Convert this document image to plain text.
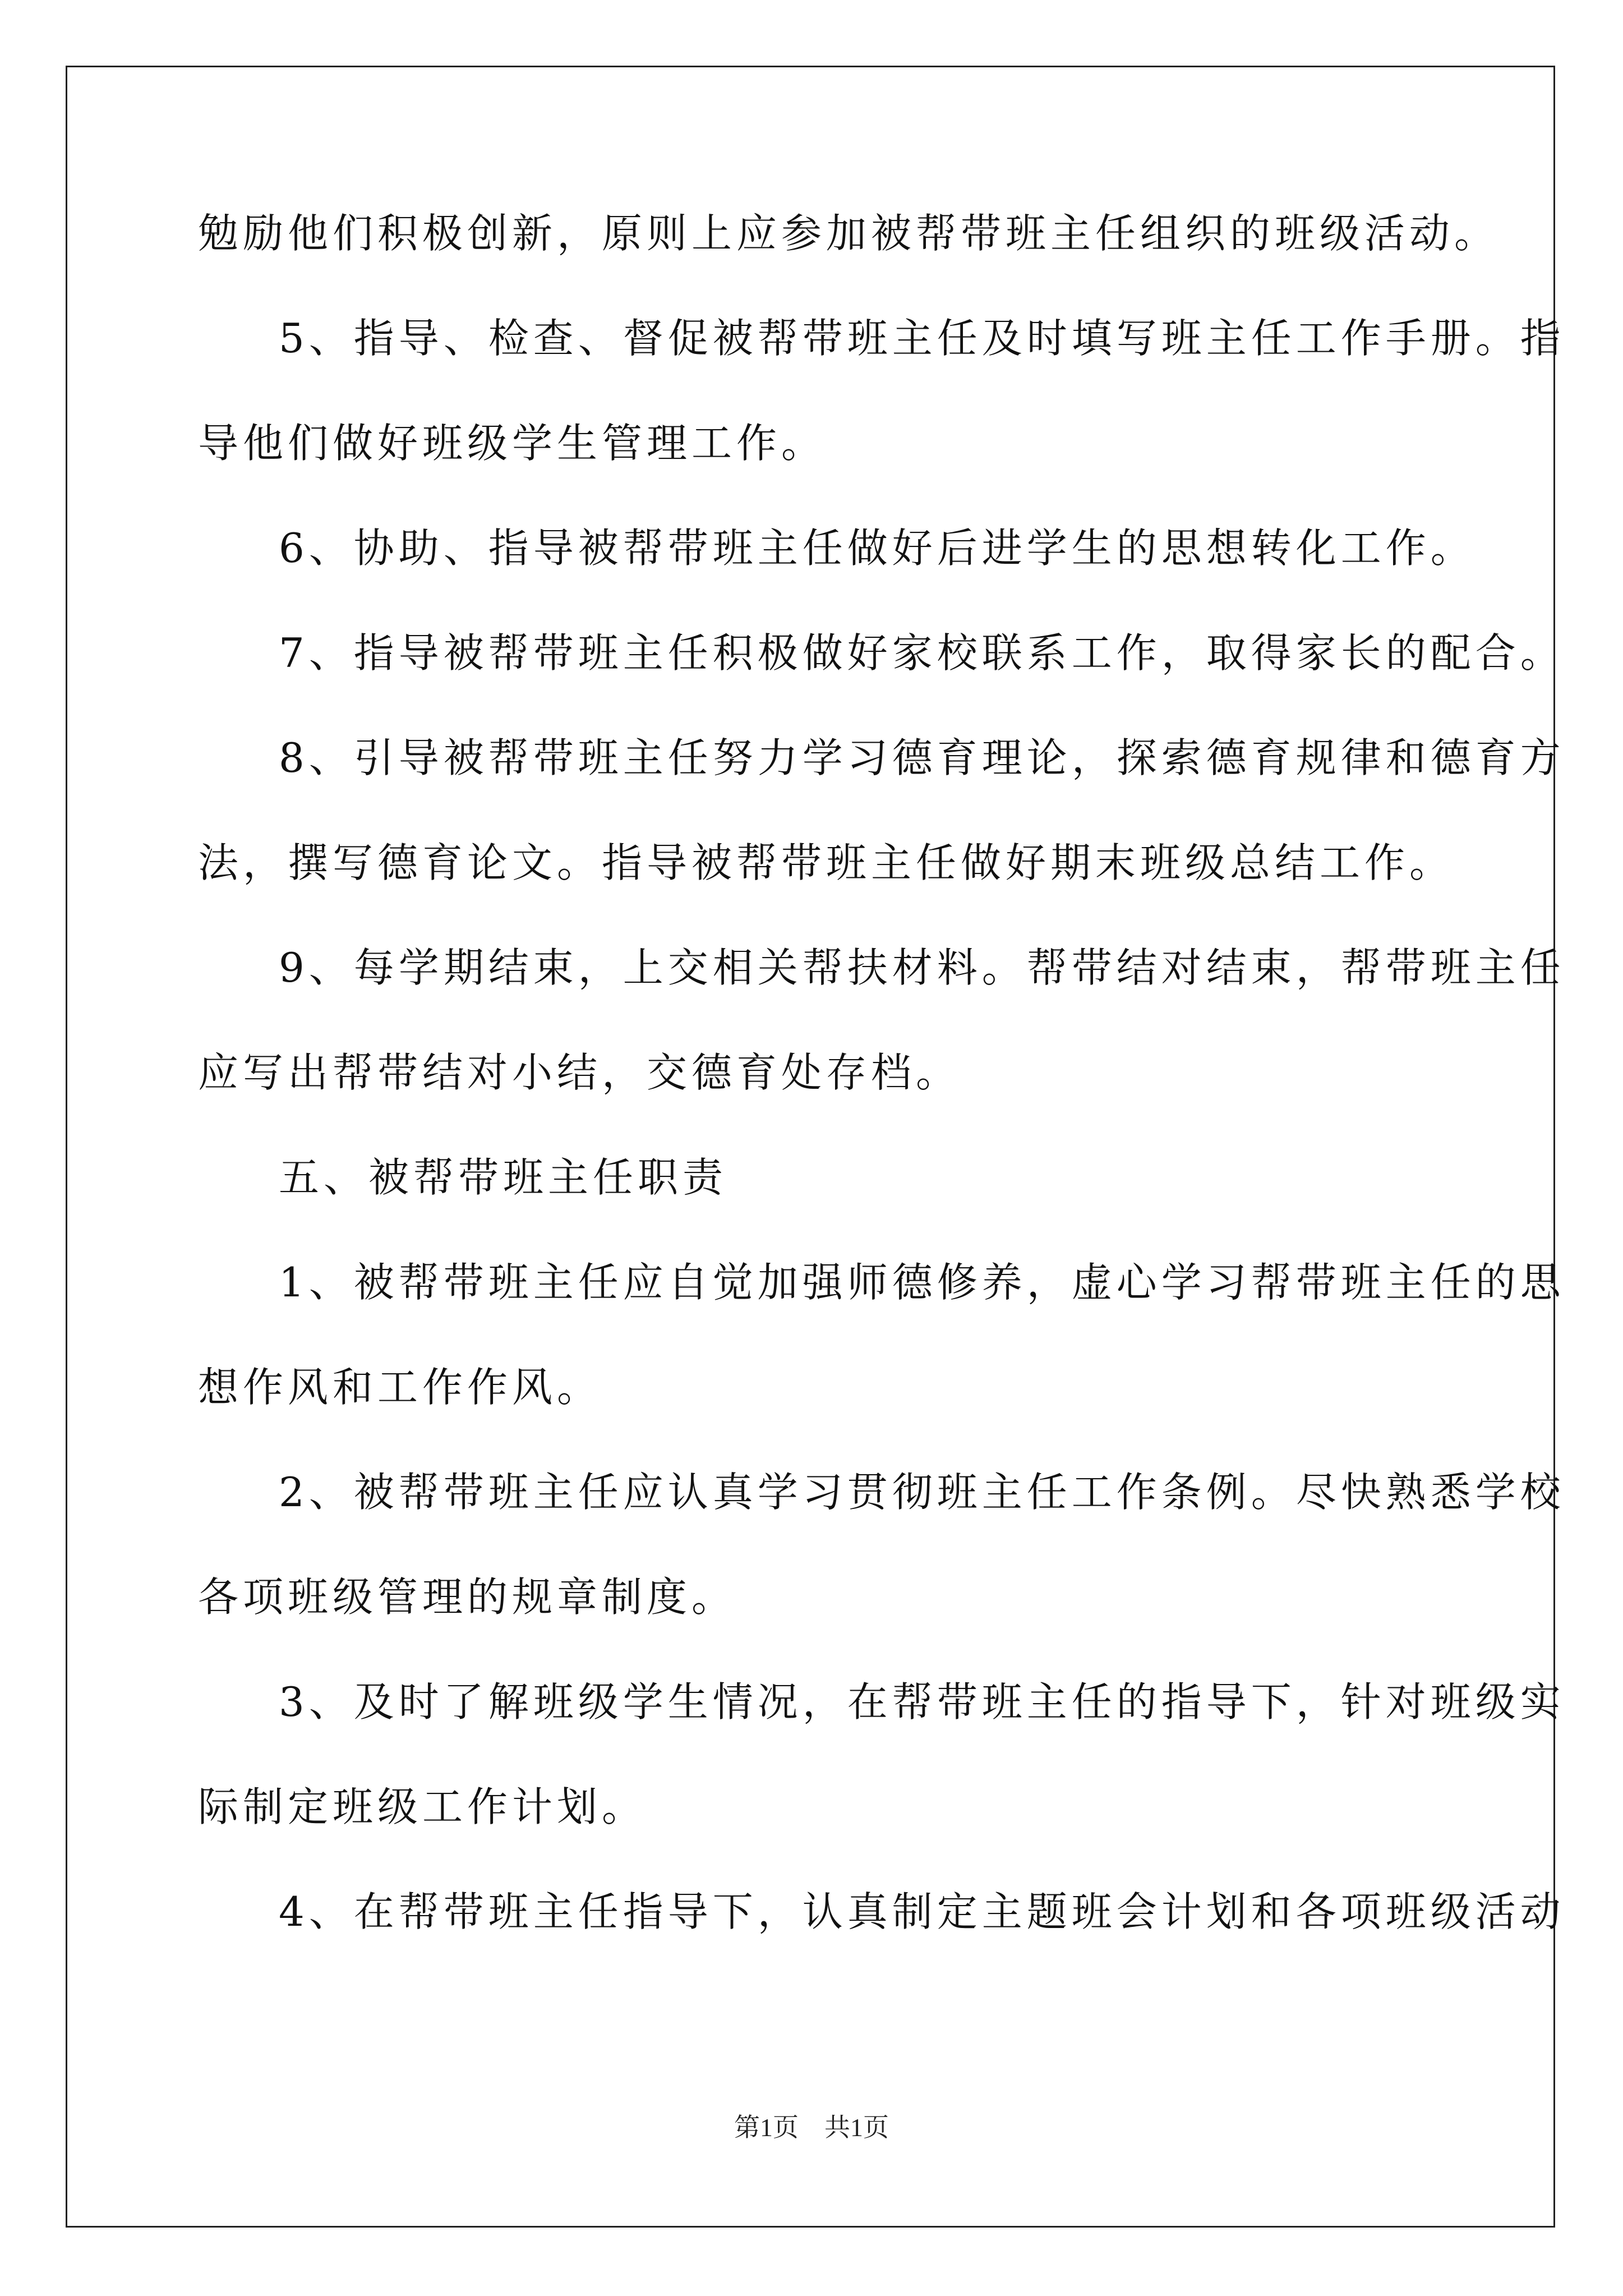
勉励他们积极创新，原则上应参加被帮带班主任组织的班级活动。
5、指导、检查、督促被帮带班主任及时填写班主任工作手册。指
导他们做好班级学生管理工作。
6、协助、指导被帮带班主任做好后进学生的思想转化工作。
7、指导被帮带班主任积极做好家校联系工作，取得家长的配合。
8、引导被帮带班主任努力学习德育理论，探索德育规律和德育方
法，撰写德育论文。指导被帮带班主任做好期末班级总结工作。
9、每学期结束，上交相关帮扶材料。帮带结对结束，帮带班主任
应写出帮带结对小结，交德育处存档。
五、被帮带班主任职责
1、被帮带班主任应自觉加强师德修养，虚心学习帮带班主任的思
想作风和工作作风。
2、被帮带班主任应认真学习贯彻班主任工作条例。尽快熟悉学校
各项班级管理的规章制度。
3、及时了解班级学生情况，在帮带班主任的指导下，针对班级实
际制定班级工作计划。
4、在帮带班主任指导下，认真制定主题班会计划和各项班级活动
第1页　共1页
